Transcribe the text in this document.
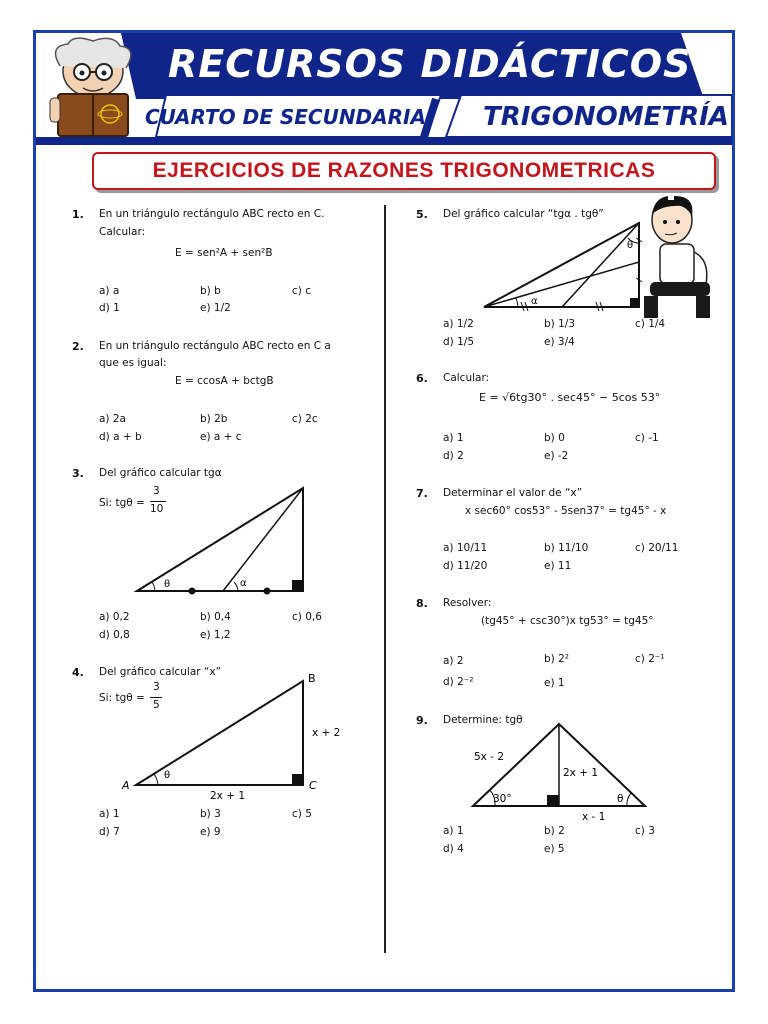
RECURSOS DIDÁCTICOS
CUARTO DE SECUNDARIA TRIGONOMETRÍA
EJERCICIOS DE RAZONES TRIGONOMETRICAS
1. En un triángulo rectángulo ABC recto en C.
Calcular:
E = sen²A + sen²B
a) a	b) b	c) c
d) 1	e) 1/2
2. En un triángulo rectángulo ABC recto en C a
que es igual:
E = ccosA + bctgB
a) 2a	b) 2b	c) 2c
d) a + b	e) a + c
3. Del gráfico calcular tgα
Si: tgθ =
3
10
θ	α
a) 0,2	b) 0,4	c) 0,6
d) 0,8	e) 1,2
4. Del gráfico calcular “x”
Si: tgθ =
3
5
A
B
C
θ
x + 2
2x + 1
a) 1	b) 3	c) 5
d) 7	e) 9
5. Del gráfico calcular “tgα . tgθ”
θ
α
a) 1/2	b) 1/3	c) 1/4
d) 1/5	e) 3/4
6. Calcular:
E = √6tg30° . sec45° − 5cos 53°
a) 1	b) 0	c) -1
d) 2	e) -2
7. Determinar el valor de “x”
x sec60° cos53° - 5sen37° = tg45° - x
a) 10/11	b) 11/10	c) 20/11
d) 11/20	e) 11
8. Resolver:
(tg45° + csc30°)x tg53° = tg45°
a) 2	b) 2²	c) 2⁻¹
d) 2⁻²	e) 1
9. Determine: tgθ
5x - 2
2x + 1
30°	θ
x - 1
a) 1	b) 2	c) 3
d) 4	e) 5
